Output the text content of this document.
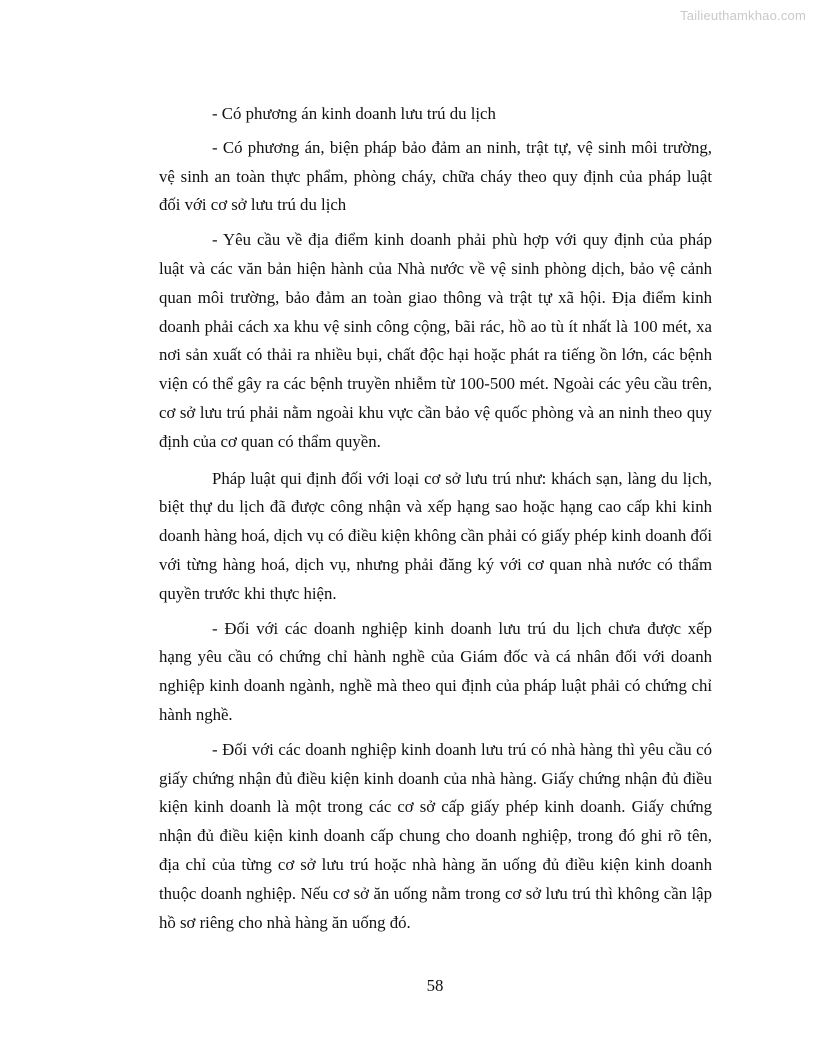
Tailieuthamkhao.com

- Có phương án kinh doanh lưu trú du lịch

- Có phương án, biện pháp bảo đảm an ninh, trật tự, vệ sinh môi trường, vệ sinh an toàn thực phẩm, phòng cháy, chữa cháy theo quy định của pháp luật đối với cơ sở lưu trú du lịch

- Yêu cầu về địa điểm kinh doanh phải phù hợp với quy định của pháp luật và các văn bản hiện hành của Nhà nước về vệ sinh phòng dịch, bảo vệ cảnh quan môi trường, bảo đảm an toàn giao thông và trật tự xã hội. Địa điểm kinh doanh phải cách xa khu vệ sinh công cộng, bãi rác, hồ ao tù ít nhất là 100 mét, xa nơi sản xuất có thải ra nhiều bụi, chất độc hại hoặc phát ra tiếng ồn lớn, các bệnh viện có thể gây ra các bệnh truyền nhiễm từ 100-500 mét. Ngoài các yêu cầu trên, cơ sở lưu trú phải nằm ngoài khu vực cần bảo vệ quốc phòng và an ninh theo quy định của cơ quan có thẩm quyền.

Pháp luật qui định đối với loại cơ sở lưu trú như: khách sạn, làng du lịch, biệt thự du lịch đã được công nhận và xếp hạng sao hoặc hạng cao cấp khi kinh doanh hàng hoá, dịch vụ có điều kiện không cần phải có giấy phép kinh doanh đối với từng hàng hoá, dịch vụ, nhưng phải đăng ký với cơ quan nhà nước có thẩm quyền trước khi thực hiện.

- Đối với các doanh nghiệp kinh doanh lưu trú du lịch chưa được xếp hạng yêu cầu có chứng chỉ hành nghề của Giám đốc và cá nhân đối với doanh nghiệp kinh doanh ngành, nghề mà theo qui định của pháp luật phải có chứng chỉ hành nghề.

- Đối với các doanh nghiệp kinh doanh lưu trú có nhà hàng thì yêu cầu có giấy chứng nhận đủ điều kiện kinh doanh của nhà hàng. Giấy chứng nhận đủ điều kiện kinh doanh là một trong các cơ sở cấp giấy phép kinh doanh. Giấy chứng nhận đủ điều kiện kinh doanh cấp chung cho doanh nghiệp, trong đó ghi rõ tên, địa chỉ của từng cơ sở lưu trú hoặc nhà hàng ăn uống đủ điều kiện kinh doanh thuộc doanh nghiệp. Nếu cơ sở ăn uống nằm trong cơ sở lưu trú thì không cần lập hồ sơ riêng cho nhà hàng ăn uống đó.

58
